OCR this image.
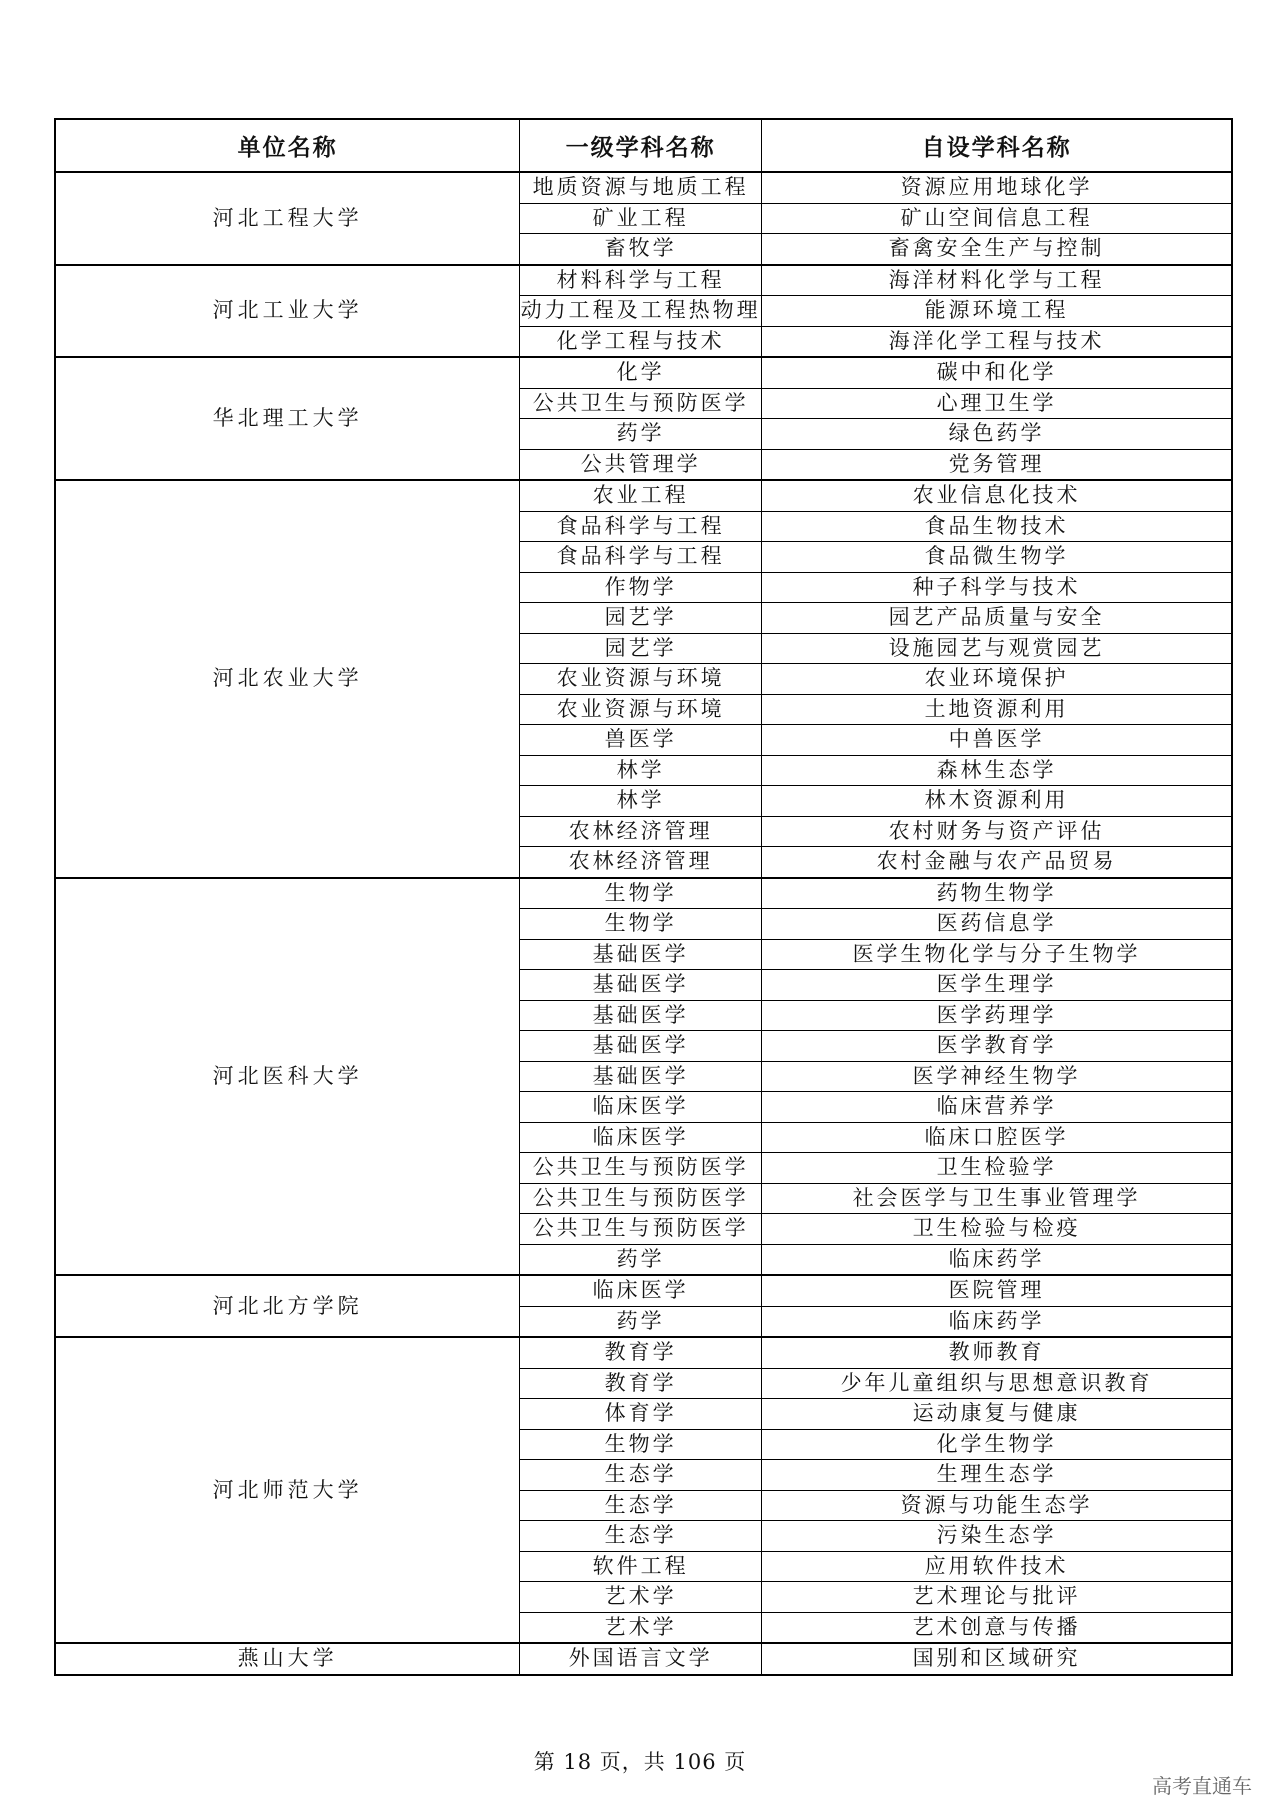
单位名称	一级学科名称	自设学科名称
河北工程大学	地质资源与地质工程	资源应用地球化学
	矿业工程	矿山空间信息工程
	畜牧学	畜禽安全生产与控制
河北工业大学	材料科学与工程	海洋材料化学与工程
	动力工程及工程热物理	能源环境工程
	化学工程与技术	海洋化学工程与技术
华北理工大学	化学	碳中和化学
	公共卫生与预防医学	心理卫生学
	药学	绿色药学
	公共管理学	党务管理
河北农业大学	农业工程	农业信息化技术
	食品科学与工程	食品生物技术
	食品科学与工程	食品微生物学
	作物学	种子科学与技术
	园艺学	园艺产品质量与安全
	园艺学	设施园艺与观赏园艺
	农业资源与环境	农业环境保护
	农业资源与环境	土地资源利用
	兽医学	中兽医学
	林学	森林生态学
	林学	林木资源利用
	农林经济管理	农村财务与资产评估
	农林经济管理	农村金融与农产品贸易
河北医科大学	生物学	药物生物学
	生物学	医药信息学
	基础医学	医学生物化学与分子生物学
	基础医学	医学生理学
	基础医学	医学药理学
	基础医学	医学教育学
	基础医学	医学神经生物学
	临床医学	临床营养学
	临床医学	临床口腔医学
	公共卫生与预防医学	卫生检验学
	公共卫生与预防医学	社会医学与卫生事业管理学
	公共卫生与预防医学	卫生检验与检疫
	药学	临床药学
河北北方学院	临床医学	医院管理
	药学	临床药学
河北师范大学	教育学	教师教育
	教育学	少年儿童组织与思想意识教育
	体育学	运动康复与健康
	生物学	化学生物学
	生态学	生理生态学
	生态学	资源与功能生态学
	生态学	污染生态学
	软件工程	应用软件技术
	艺术学	艺术理论与批评
	艺术学	艺术创意与传播
燕山大学	外国语言文学	国别和区域研究
第 18 页，共 106 页
高考直通车
